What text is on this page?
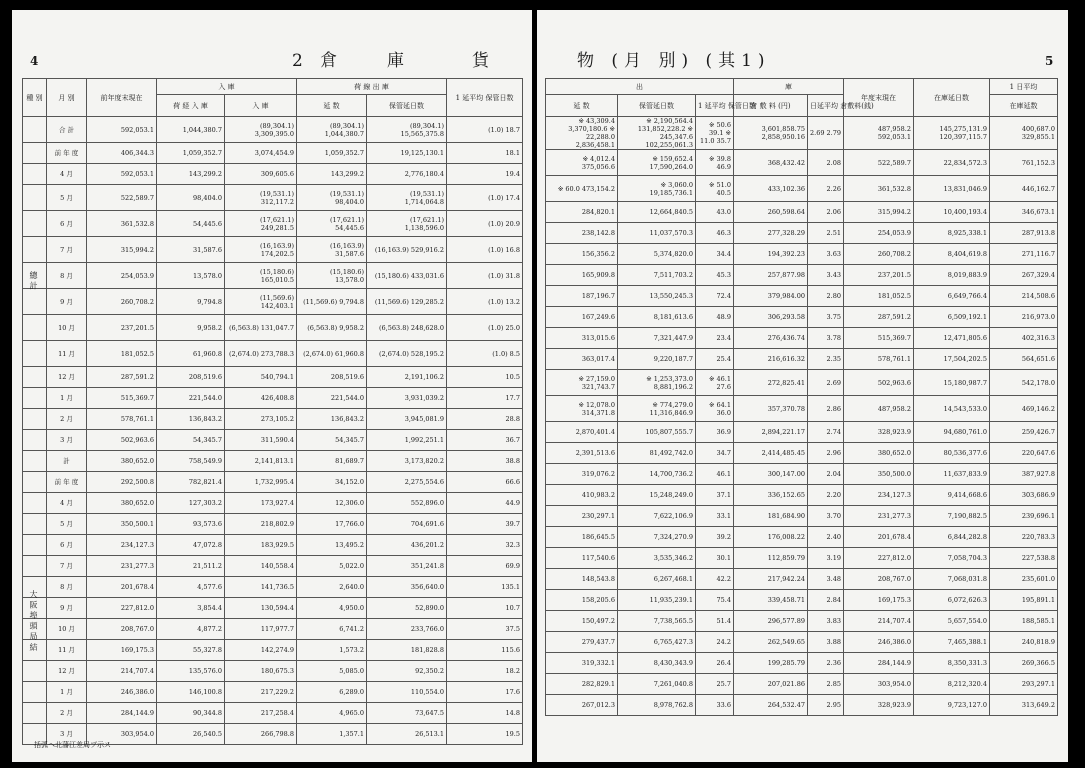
4	2 倉	庫	貨
種 別	月 別	前年度末現在	入 庫		荷 線 出 庫		1 延平均 保管日数
			荷 経 入 庫	入 庫	延 数	保管延日数	
	合 計	592,053.1	1,044,380.7	(89,304.1) 3,309,395.0	(89,304.1) 1,044,380.7	(89,304.1) 15,565,375.8	(1.0) 18.7
	前 年 度	406,344.3	1,059,352.7	3,074,454.9	1,059,352.7	19,125,130.1	18.1
	4 月	592,053.1	143,299.2	309,605.6	143,299.2	2,776,180.4	19.4
	5 月	522,589.7	98,404.0	(19,531.1) 312,117.2	(19,531.1) 98,404.0	(19,531.1) 1,714,064.8	(1.0) 17.4
	6 月	361,532.8	54,445.6	(17,621.1) 249,281.5	(17,621.1) 54,445.6	(17,621.1) 1,138,596.0	(1.0) 20.9
	7 月	315,994.2	31,587.6	(16,163.9) 174,202.5	(16,163.9) 31,587.6	(16,163.9) 529,916.2	(1.0) 16.8
	8 月	254,053.9	13,578.0	(15,180.6) 165,010.5	(15,180.6) 13,578.0	(15,180.6) 433,031.6	(1.0) 31.8
	9 月	260,708.2	9,794.8	(11,569.6) 142,403.1	(11,569.6) 9,794.8	(11,569.6) 129,285.2	(1.0) 13.2
	10 月	237,201.5	9,958.2	(6,563.8) 131,047.7	(6,563.8) 9,958.2	(6,563.8) 248,628.0	(1.0) 25.0
	11 月	181,052.5	61,960.8	(2,674.0) 273,788.3	(2,674.0) 61,960.8	(2,674.0) 528,195.2	(1.0) 8.5
	12 月	287,591.2	208,519.6	540,794.1	208,519.6	2,191,106.2	10.5
	1 月	515,369.7	221,544.0	426,408.8	221,544.0	3,931,039.2	17.7
	2 月	578,761.1	136,843.2	273,105.2	136,843.2	3,945,081.9	28.8
	3 月	502,963.6	54,345.7	311,590.4	54,345.7	1,992,251.1	36.7
	計	380,652.0	758,549.9	2,141,813.1	81,689.7	3,173,820.2	38.8
	前 年 度	292,500.8	782,821.4	1,732,995.4	34,152.0	2,275,554.6	66.6
	4 月	380,652.0	127,303.2	173,927.4	12,306.0	552,896.0	44.9
	5 月	350,500.1	93,573.6	218,802.9	17,766.0	704,691.6	39.7
	6 月	234,127.3	47,072.8	183,929.5	13,495.2	436,201.2	32.3
	7 月	231,277.3	21,511.2	140,558.4	5,022.0	351,241.8	69.9
	8 月	201,678.4	4,577.6	141,736.5	2,640.0	356,640.0	135.1
	9 月	227,812.0	3,854.4	130,594.4	4,950.0	52,890.0	10.7
	10 月	208,767.0	4,877.2	117,977.7	6,741.2	233,766.0	37.5
	11 月	169,175.3	55,327.8	142,274.9	1,573.2	181,828.8	115.6
	12 月	214,707.4	135,576.0	180,675.3	5,085.0	92,350.2	18.2
	1 月	246,386.0	146,100.8	217,229.2	6,289.0	110,554.0	17.6
	2 月	284,144.9	90,344.8	217,258.4	4,965.0	73,647.5	14.8
	3 月	303,954.0	26,540.5	266,798.8	1,357.1	26,513.1	19.5
總 計
大 阪 埠 頭 局 結
括弧へ北藩江差局ブ示ス
物 (月 別) (其1)	5
出			庫		年度末現在	在庫延日数	1 日平均
延 数	保管延日数	1 延平均 保管日数	倉 敷 料 (円)	日延平均 倉敷料(銭)			在庫延数
※ 43,309.4 3,370,180.6 ※ 22,288.0 2,836,458.1	※ 2,190,564.4 131,852,228.2 ※ 245,347.6 102,255,061.3	※ 50.6 39.1 ※ 11.0 35.7	3,601,858.75 2,858,950.16	2.69 2.79	487,958.2 592,053.1	145,275,131.9 120,397,115.7	400,687.0 329,855.1
※ 4,012.4 375,056.6	※ 159,652.4 17,590,264.0	※ 39.8 46.9	368,432.42	2.08	522,589.7	22,834,572.3	761,152.3
※ 60.0 473,154.2	※ 3,060.0 19,185,736.1	※ 51.0 40.5	433,102.36	2.26	361,532.8	13,831,046.9	446,162.7
284,820.1	12,664,840.5	43.0	260,598.64	2.06	315,994.2	10,400,193.4	346,673.1
238,142.8	11,037,570.3	46.3	277,328.29	2.51	254,053.9	8,925,338.1	287,913.8
156,356.2	5,374,820.0	34.4	194,392.23	3.63	260,708.2	8,404,619.8	271,116.7
165,909.8	7,511,703.2	45.3	257,877.98	3.43	237,201.5	8,019,883.9	267,329.4
187,196.7	13,550,245.3	72.4	379,984.00	2.80	181,052.5	6,649,766.4	214,508.6
167,249.6	8,181,613.6	48.9	306,293.58	3.75	287,591.2	6,509,192.1	216,973.0
313,015.6	7,321,447.9	23.4	276,436.74	3.78	515,369.7	12,471,805.6	402,316.3
363,017.4	9,220,187.7	25.4	216,616.32	2.35	578,761.1	17,504,202.5	564,651.6
※ 27,159.0 321,743.7	※ 1,253,373.0 8,881,196.2	※ 46.1 27.6	272,825.41	2.69	502,963.6	15,180,987.7	542,178.0
※ 12,078.0 314,371.8	※ 774,279.0 11,316,846.9	※ 64.1 36.0	357,370.78	2.86	487,958.2	14,543,533.0	469,146.2
2,870,401.4	105,807,555.7	36.9	2,894,221.17	2.74	328,923.9	94,680,761.0	259,426.7
2,391,513.6	81,492,742.0	34.7	2,414,485.45	2.96	380,652.0	80,536,377.6	220,647.6
319,076.2	14,700,736.2	46.1	300,147.00	2.04	350,500.0	11,637,833.9	387,927.8
410,983.2	15,248,249.0	37.1	336,152.65	2.20	234,127.3	9,414,668.6	303,686.9
230,297.1	7,622,106.9	33.1	181,684.90	3.70	231,277.3	7,190,882.5	239,696.1
186,645.5	7,324,270.9	39.2	176,008.22	2.40	201,678.4	6,844,282.8	220,783.3
117,540.6	3,535,346.2	30.1	112,859.79	3.19	227,812.0	7,058,704.3	227,538.8
148,543.8	6,267,468.1	42.2	217,942.24	3.48	208,767.0	7,068,031.8	235,601.0
158,205.6	11,935,239.1	75.4	339,458.71	2.84	169,175.3	6,072,626.3	195,891.1
150,497.2	7,738,565.5	51.4	296,577.89	3.83	214,707.4	5,657,554.0	188,585.1
279,437.7	6,765,427.3	24.2	262,549.65	3.88	246,386.0	7,465,388.1	240,818.9
319,332.1	8,430,343.9	26.4	199,285.79	2.36	284,144.9	8,350,331.3	269,366.5
282,829.1	7,261,040.8	25.7	207,021.86	2.85	303,954.0	8,212,320.4	293,297.1
267,012.3	8,978,762.8	33.6	264,532.47	2.95	328,923.9	9,723,127.0	313,649.2
